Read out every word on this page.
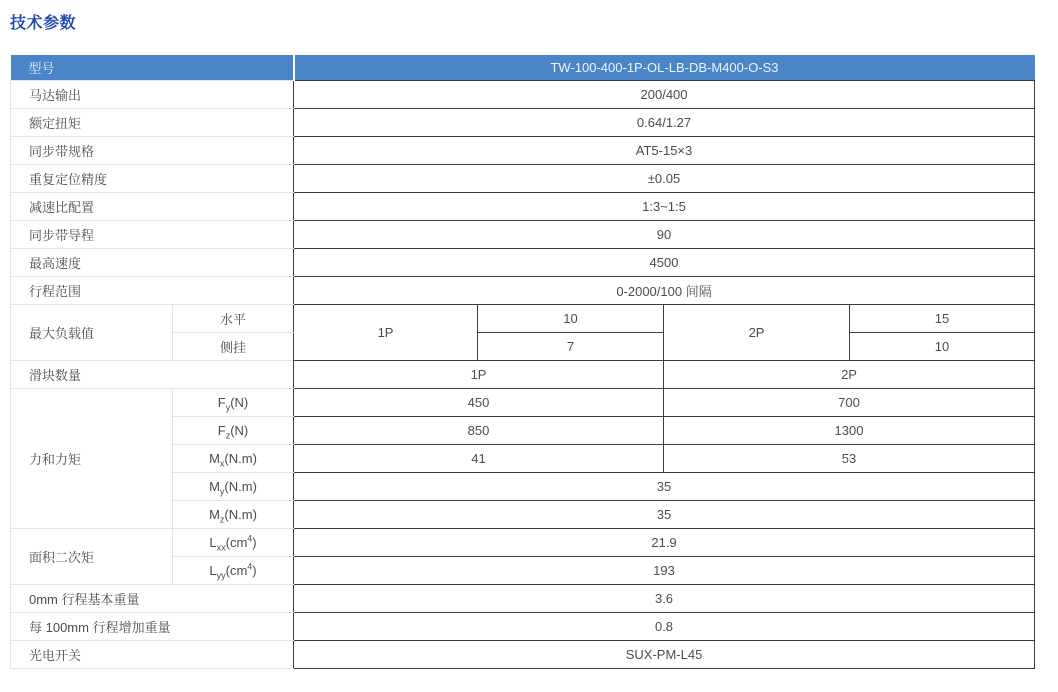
技术参数
型号		TW-100-400-1P-OL-LB-DB-M400-O-S3			
马达输出		200/400			
额定扭矩		0.64/1.27			
同步带规格		AT5-15×3			
重复定位精度		±0.05			
减速比配置		1:3~1:5			
同步带导程		90			
最高速度		4500			
行程范围		0-2000/100 间隔			
最大负载值	水平	1P	10	2P	15
	侧挂		7		10
滑块数量		1P		2P	
力和力矩	$F_y(N)$	450		700	
	$F_z(N)$	850		1300	
	$M_x(N.m)$	41		53	
	$M_y(N.m)$	35			
	$M_z(N.m)$	35			
面积二次矩	$L_{xx}(cm^4)$	21.9			
	$L_{yy}(cm^4)$	193			
0mm 行程基本重量		3.6			
每 100mm 行程增加重量		0.8			
光电开关		SUX-PM-L45			
